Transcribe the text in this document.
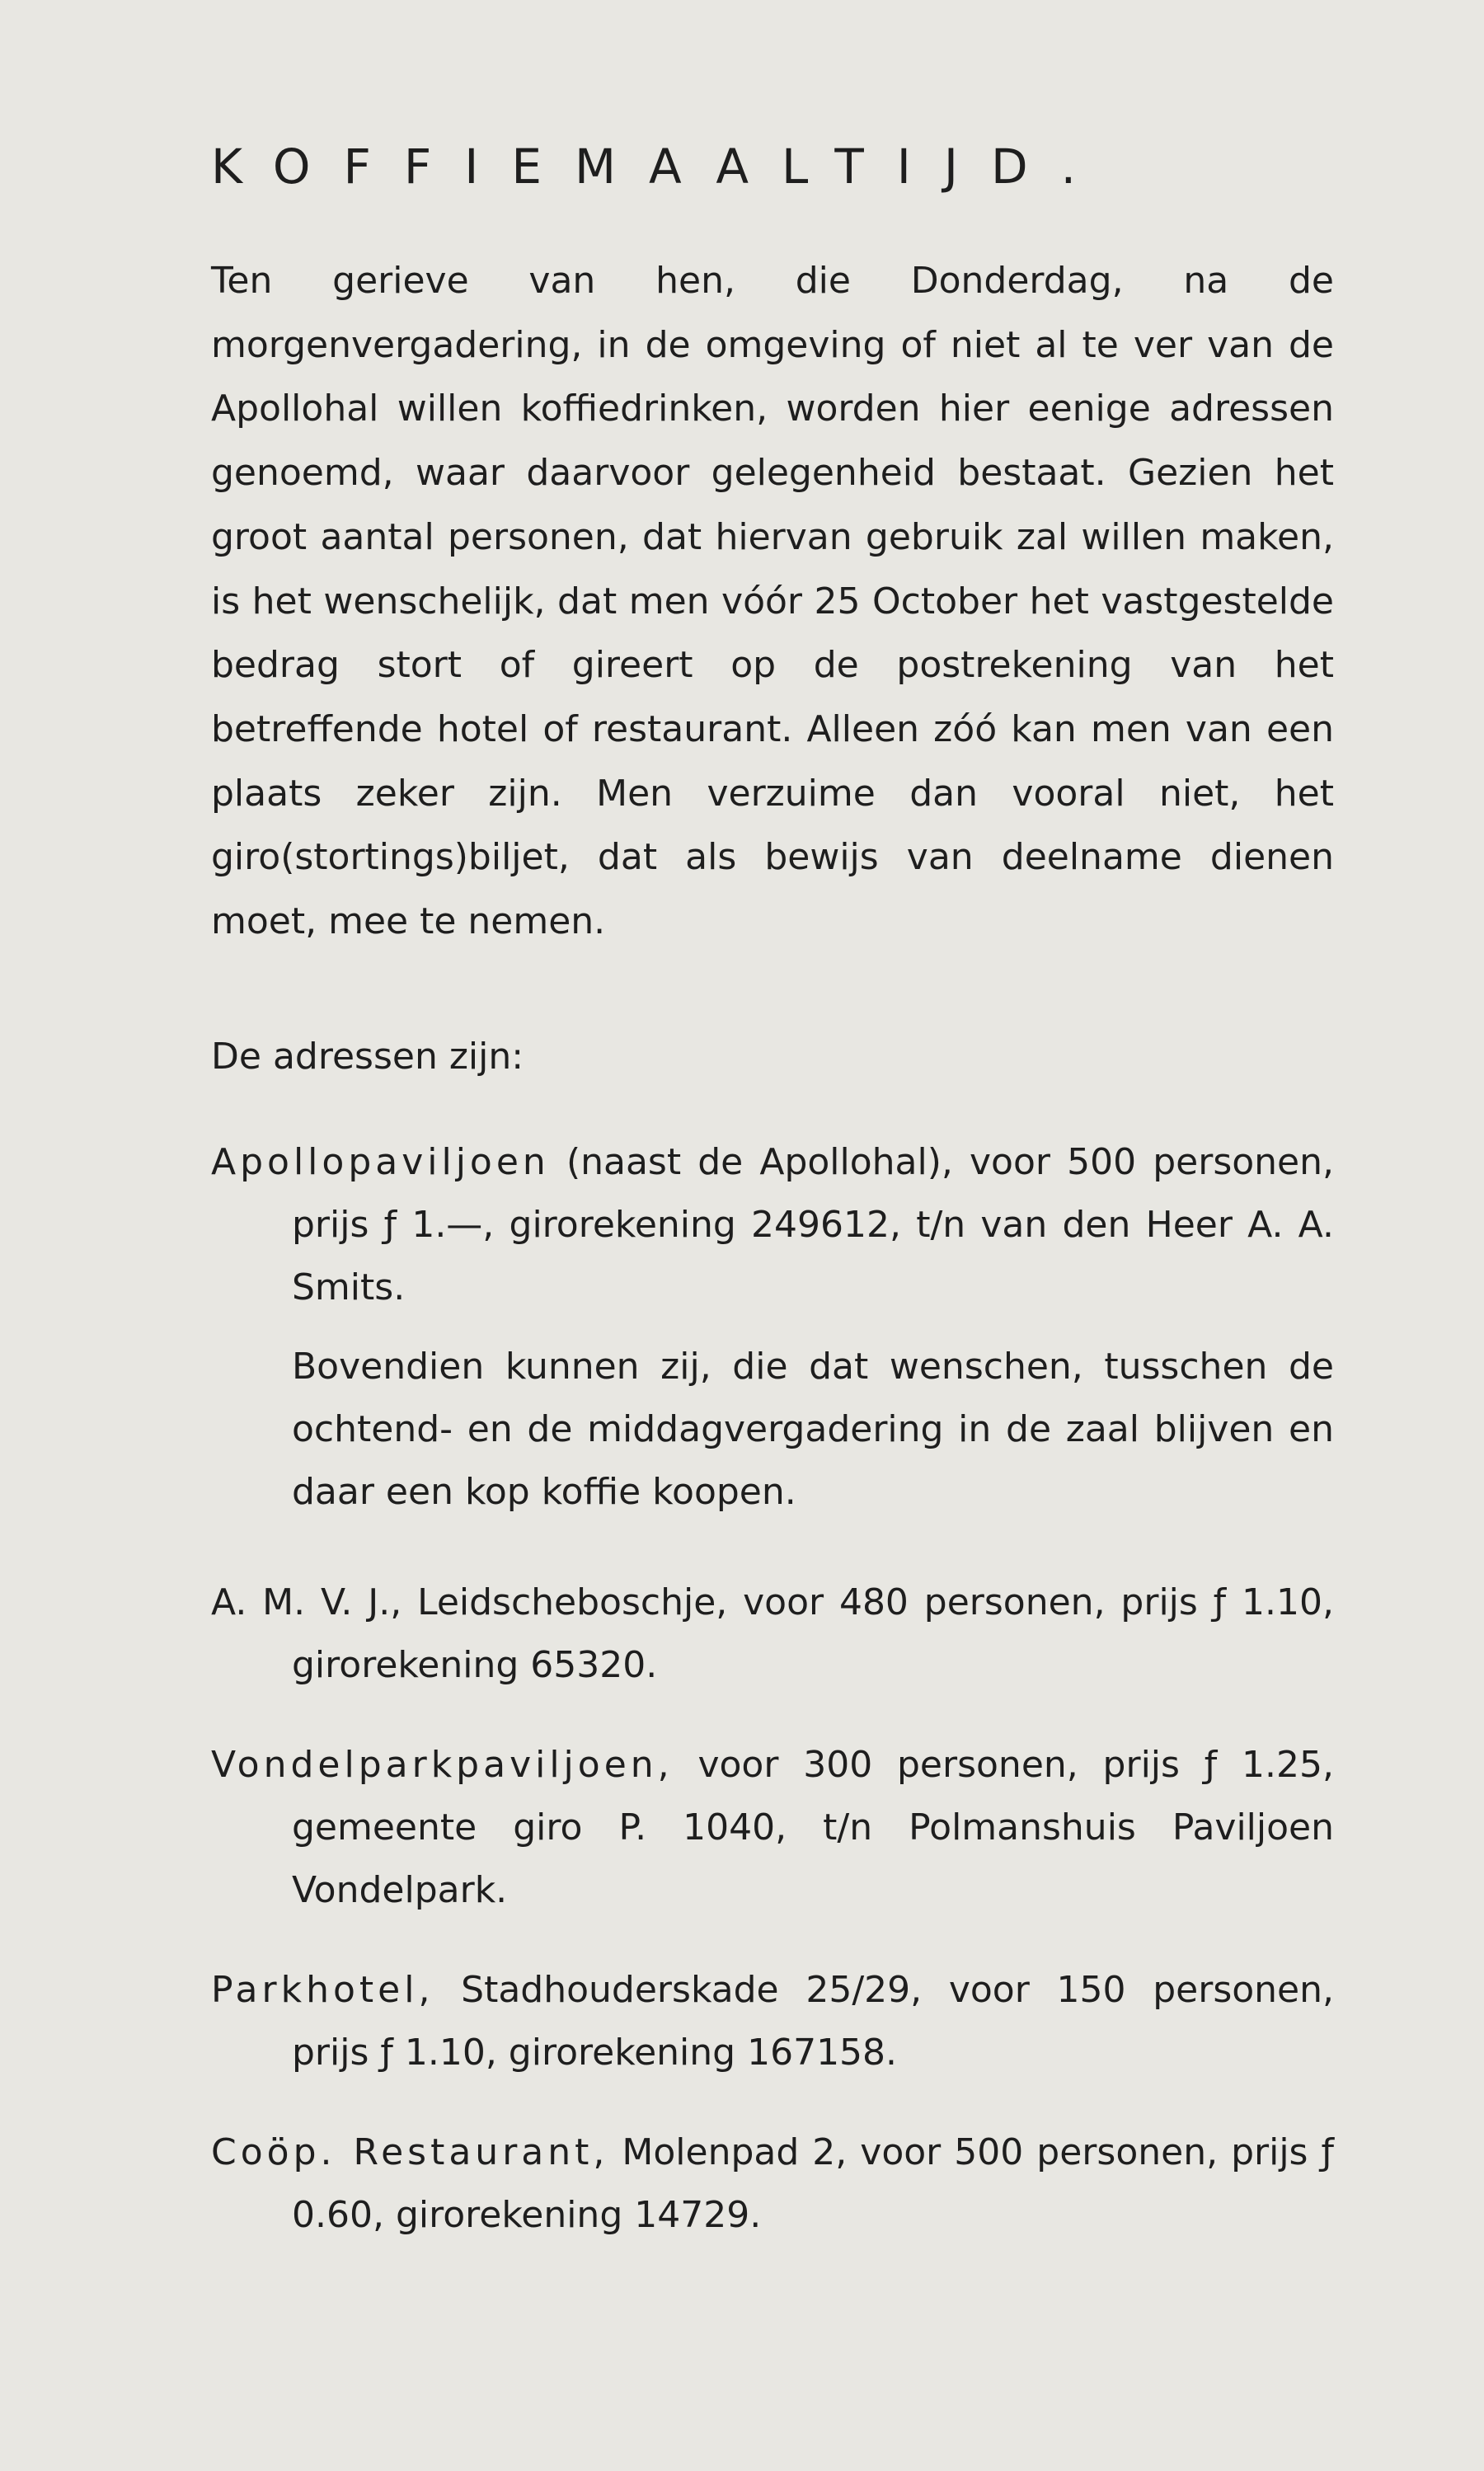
KOFFIEMAALTIJD.

Ten gerieve van hen, die Donderdag, na de morgenvergadering, in de omgeving of niet al te ver van de Apollohal willen koffiedrinken, worden hier eenige adressen genoemd, waar daarvoor gelegenheid bestaat. Gezien het groot aantal personen, dat hiervan gebruik zal willen maken, is het wenschelijk, dat men vóór 25 October het vastgestelde bedrag stort of gireert op de postrekening van het betreffende hotel of restaurant. Alleen zóó kan men van een plaats zeker zijn. Men verzuime dan vooral niet, het giro(stortings)biljet, dat als bewijs van deelname dienen moet, mee te nemen.

De adressen zijn:

Apollopaviljoen (naast de Apollohal), voor 500 personen, prijs ƒ 1.—, girorekening 249612, t/n van den Heer A. A. Smits.

Bovendien kunnen zij, die dat wenschen, tusschen de ochtend- en de middagvergadering in de zaal blijven en daar een kop koffie koopen.

A. M. V. J., Leidscheboschje, voor 480 personen, prijs ƒ 1.10, girorekening 65320.

Vondelparkpaviljoen, voor 300 personen, prijs ƒ 1.25, gemeente giro P. 1040, t/n Polmanshuis Paviljoen Vondelpark.

Parkhotel, Stadhouderskade 25/29, voor 150 personen, prijs ƒ 1.10, girorekening 167158.

Coöp. Restaurant, Molenpad 2, voor 500 personen, prijs ƒ 0.60, girorekening 14729.
